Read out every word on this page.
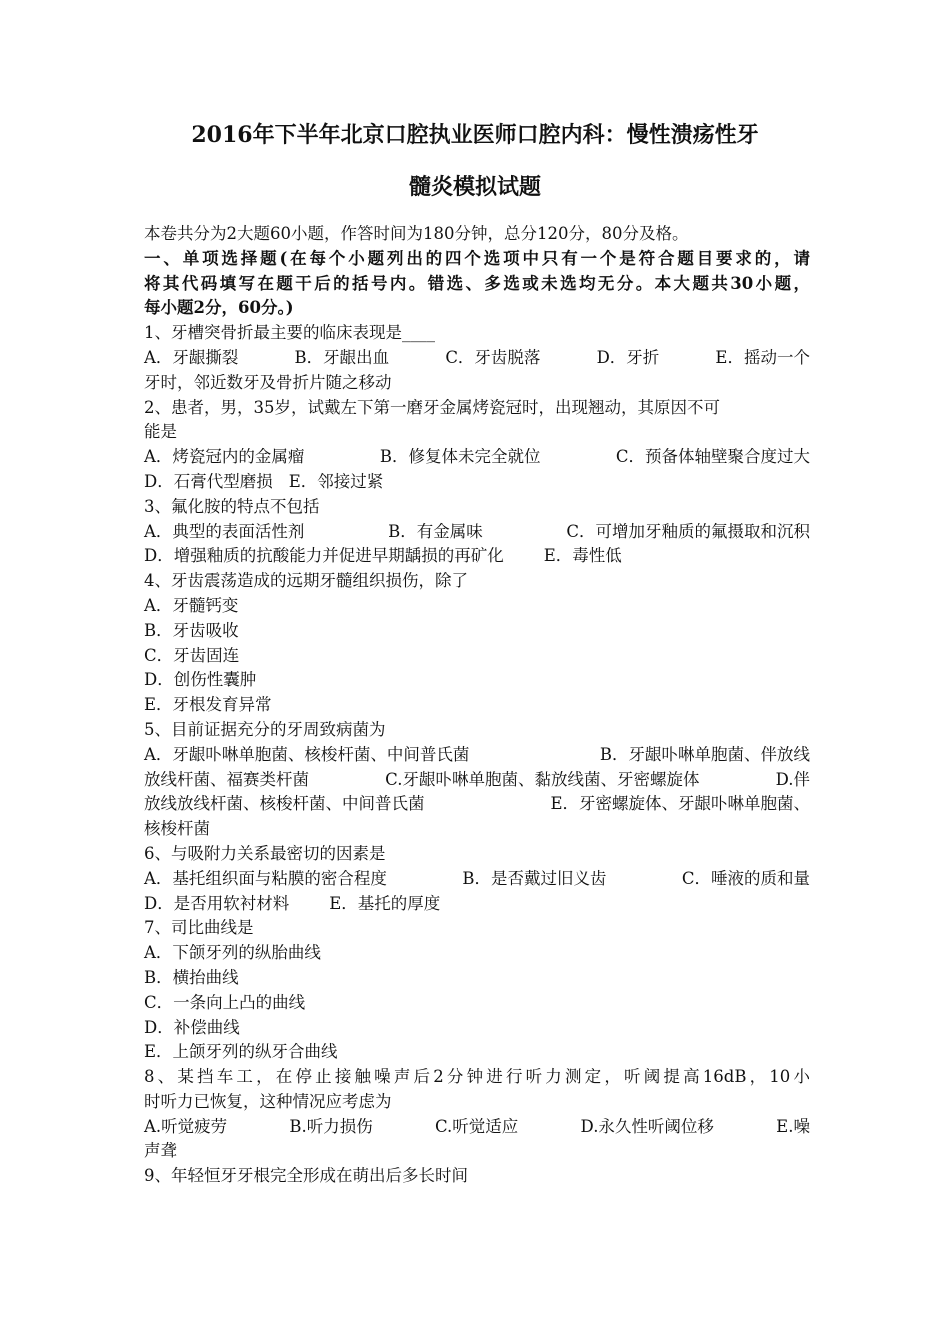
2016年下半年北京口腔执业医师口腔内科：慢性溃疡性牙
髓炎模拟试题
本卷共分为2大题60小题，作答时间为180分钟，总分120分，80分及格。
一、单项选择题(在每个小题列出的四个选项中只有一个是符合题目要求的，请
将其代码填写在题干后的括号内。错选、多选或未选均无分。本大题共30小题，
每小题2分，60分。)
1、牙槽突骨折最主要的临床表现是____
A．牙龈撕裂	B．牙龈出血	C．牙齿脱落	D．牙折	E．摇动一个
牙时，邻近数牙及骨折片随之移动
2、患者，男，35岁，试戴左下第一磨牙金属烤瓷冠时，出现翘动，其原因不可
能是
A．烤瓷冠内的金属瘤	B．修复体未完全就位	C．预备体轴壁聚合度过大
D．石膏代型磨损 E．邻接过紧
3、氟化胺的特点不包括
A．典型的表面活性剂	B．有金属味	C．可增加牙釉质的氟摄取和沉积
D．增强釉质的抗酸能力并促进早期龋损的再矿化 E．毒性低
4、牙齿震荡造成的远期牙髓组织损伤，除了
A．牙髓钙变
B．牙齿吸收
C．牙齿固连
D．创伤性囊肿
E．牙根发育异常
5、目前证据充分的牙周致病菌为
A．牙龈卟啉单胞菌、核梭杆菌、中间普氏菌	B．牙龈卟啉单胞菌、伴放线
放线杆菌、福赛类杆菌	C.牙龈卟啉单胞菌、黏放线菌、牙密螺旋体	D.伴
放线放线杆菌、核梭杆菌、中间普氏菌	E．牙密螺旋体、牙龈卟啉单胞菌、
核梭杆菌
6、与吸附力关系最密切的因素是
A．基托组织面与粘膜的密合程度	B．是否戴过旧义齿	C．唾液的质和量
D．是否用软衬材料 E．基托的厚度
7、司比曲线是
A．下颌牙列的纵胎曲线
B．横抬曲线
C．一条向上凸的曲线
D．补偿曲线
E．上颌牙列的纵牙合曲线
8、某挡车工，在停止接触噪声后2分钟进行听力测定，听阈提高16dB，10小
时听力已恢复，这种情况应考虑为
A.听觉疲劳	B.听力损伤	C.听觉适应	D.永久性听阈位移	E.噪
声聋
9、年轻恒牙牙根完全形成在萌出后多长时间
